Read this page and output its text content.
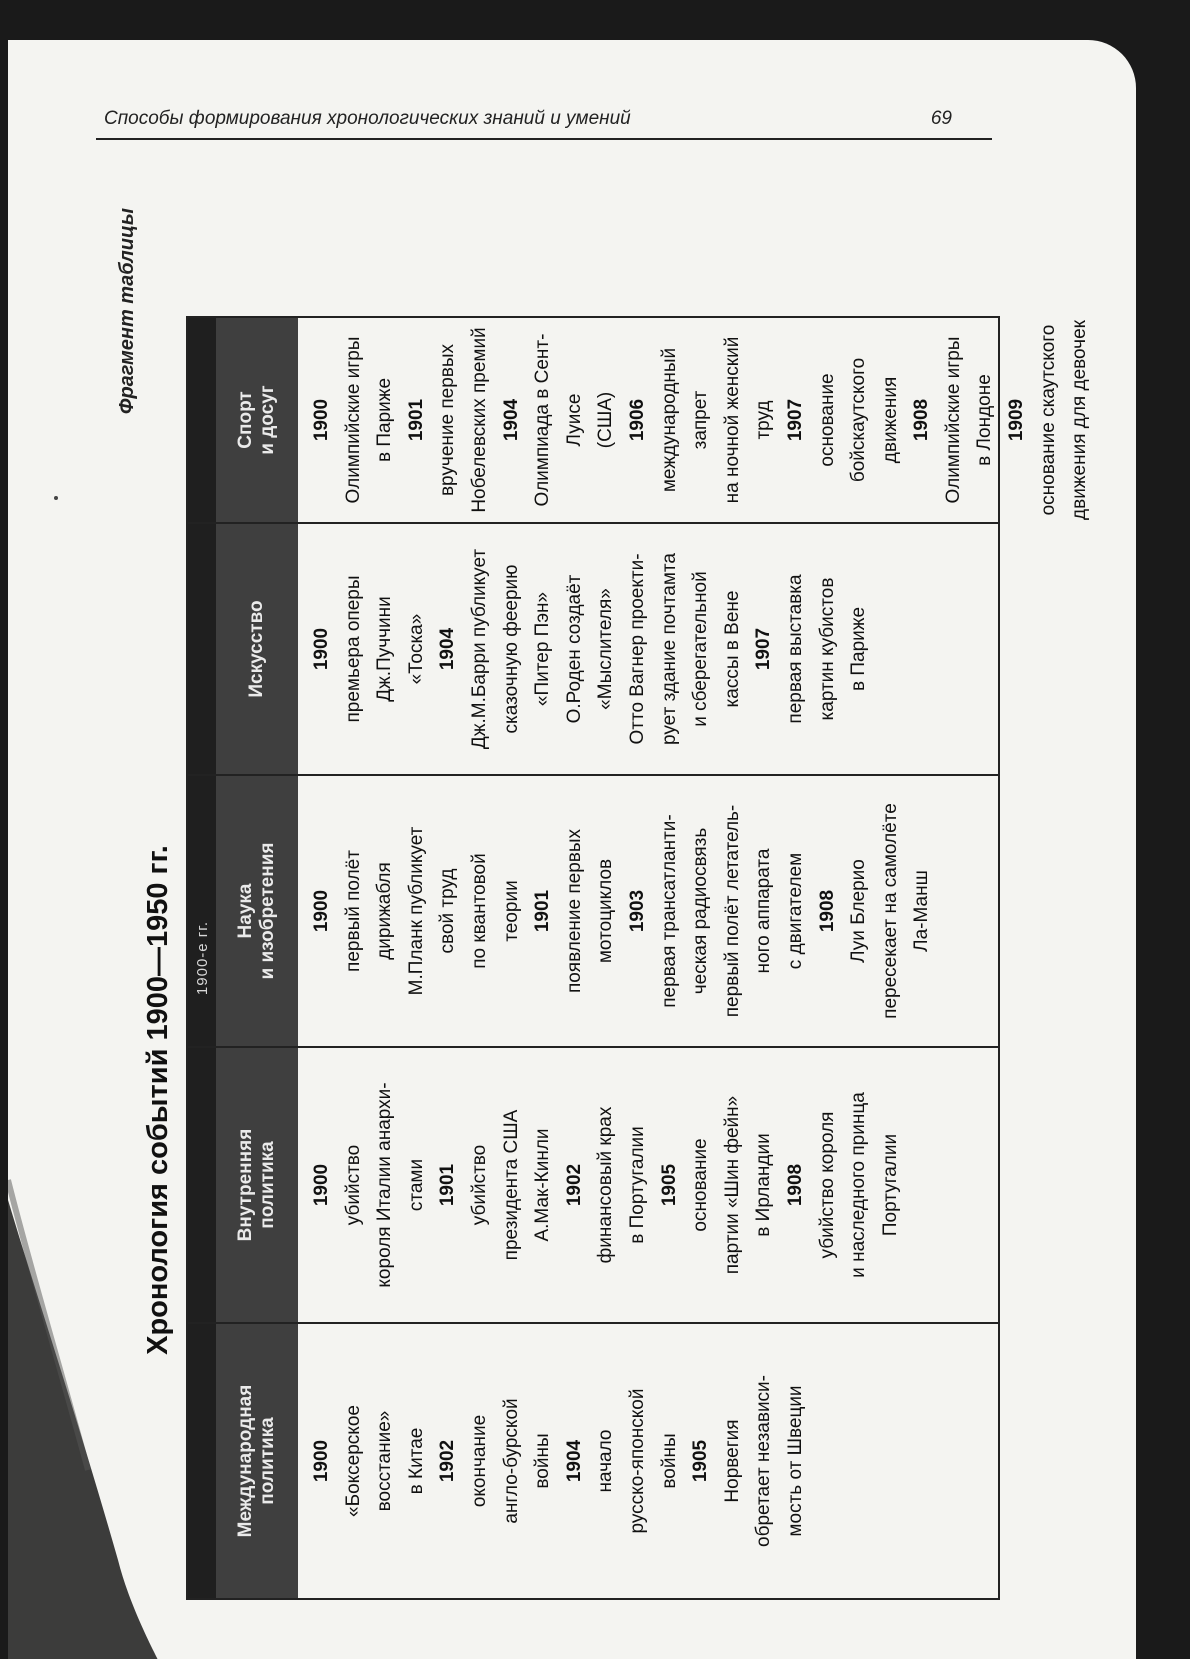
Способы формирования хронологических знаний и умений	69
Фрагмент таблицы
Хронология событий 1900—1950 гг.	1900-е гг.
Международная политика 1900 «Боксерское восстание» в Китае 1902 окончание англо-бурской войны 1904 начало русско-японской войны 1905 Норвегия обретает независи- мость от Швеции
Внутренняя политика 1900 убийство короля Италии анархи- стами 1901 убийство президента США А.Мак-Кинли 1902 финансовый крах в Португалии 1905 основание партии «Шин фейн» в Ирландии 1908 убийство короля и наследного принца Португалии
Наука и изобретения 1900 первый полёт дирижабля М.Планк публикует свой труд по квантовой теории 1901 появление первых мотоциклов 1903 первая трансатланти- ческая радиосвязь первый полёт летатель- ного аппарата с двигателем 1908 Луи Блерио пересекает на самолёте Ла-Манш
Искусство 1900 премьера оперы Дж.Пуччини «Тоска» 1904 Дж.М.Барри публикует сказочную феерию «Питер Пэн» О.Роден создаёт «Мыслителя» Отто Вагнер проекти- рует здание почтамта и сберегательной кассы в Вене 1907 первая выставка картин кубистов в Париже
Спорт и досуг 1900 Олимпийские игры в Париже 1901 вручение первых Нобелевских премий 1904 Олимпиада в Сент-Луисе (США) 1906 международный запрет на ночной женский труд 1907 основание бойскаутского движения 1908 Олимпийские игры в Лондоне 1909 основание скаутского движения для девочек
